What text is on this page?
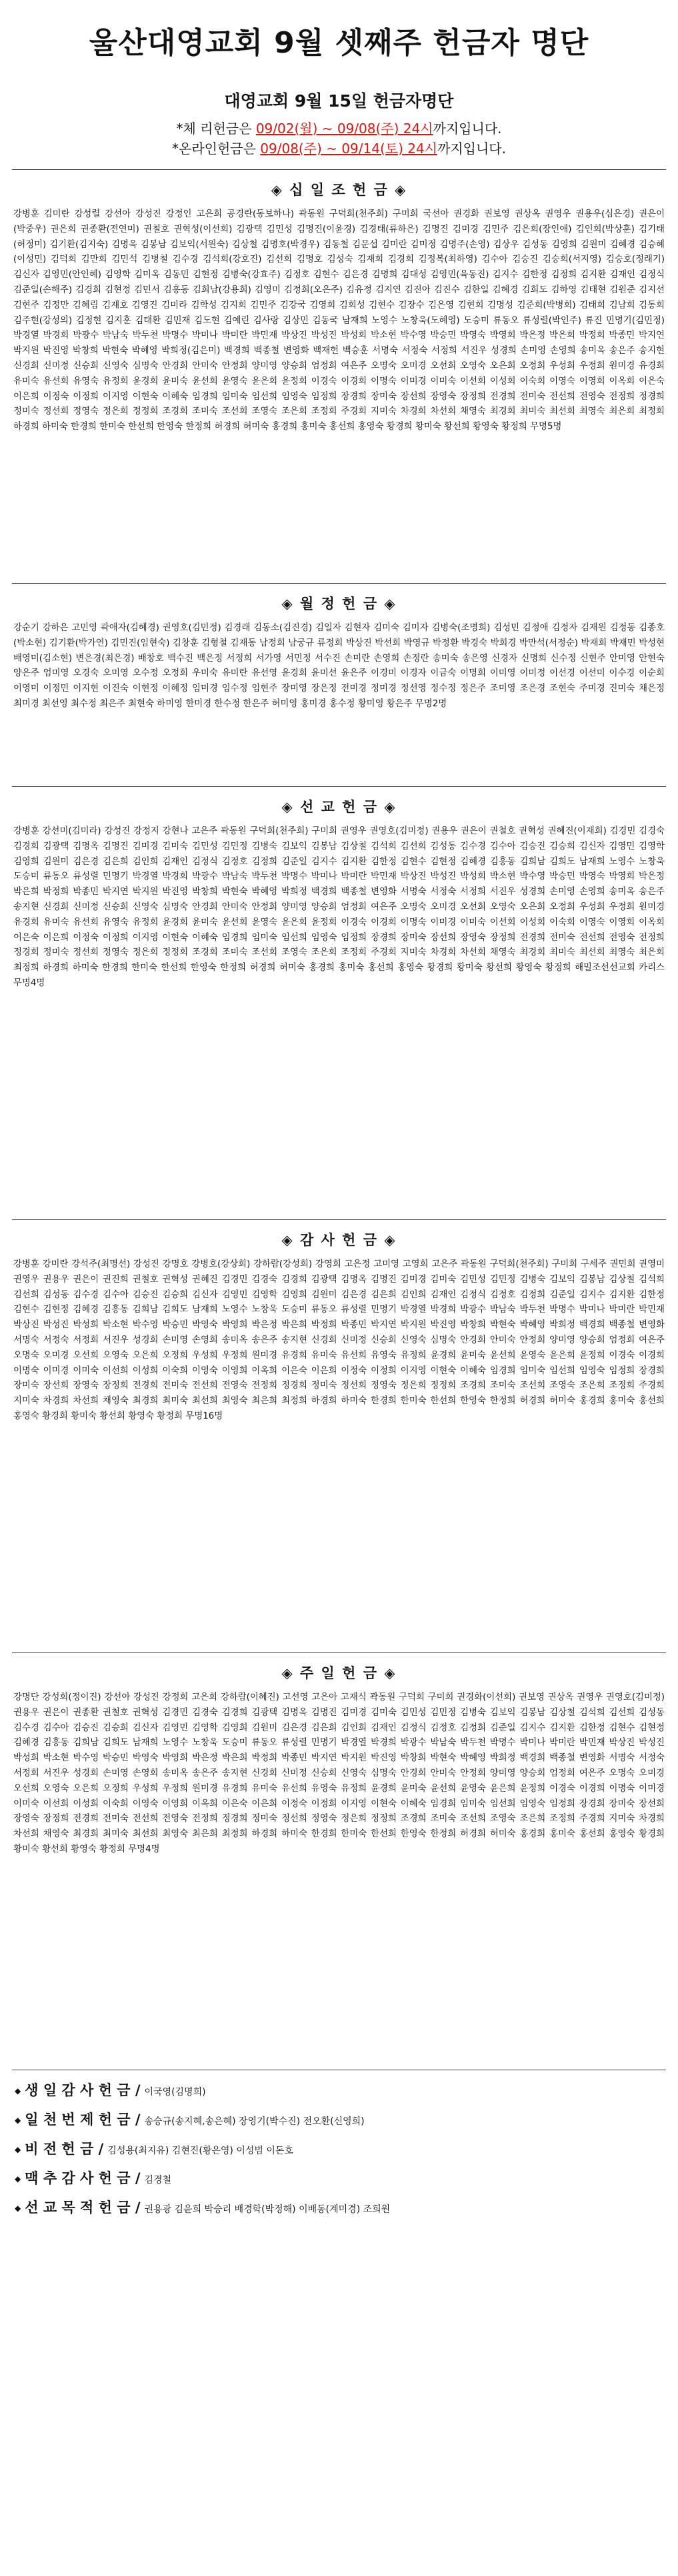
울산대영교회 9월 셋째주 헌금자 명단
대영교회 9월 15일 헌금자명단
*체 리헌금은 09/02(월) ~ 09/08(주) 24시까지입니다.
*온라인헌금은 09/08(주) ~ 09/14(토) 24시까지입니다.
◈ 십 일 조 헌 금 ◈
강병훈 김미란 강성렬 강선아 강성진 강정인 고은희 공경란(동보하나) 곽동원 구덕희(천주희) 구미희 국선아 권경화 권보영 권상옥 권영우 권용우(심은경) 권은이(박중우) 권은희 권종환(전연미) 권철호 권혁성(이선희) 김광택 김민성 김명진(이윤경) 김경태(류하은) 김명진 김미경 김민주 김은희(장인애) 김인희(박상훈) 김기태(허정미) 김기환(김지숙) 김명옥 김봉남 김보익(서원숙) 김상철 김명호(박경우) 김동철 김문섭 김미란 김미정 김명주(손영) 김상우 김성동 김영희 김원미 김혜경 김승혜(이성민) 김덕희 김만희 김민석 김병철 김수경 김석희(강호진) 김선희 김명호 김성숙 김재희 김경희 김정복(최하영) 김수아 김승진 김승희(서지영) 김승호(정래기) 김신자 김영민(안인혜) 김영학 김미옥 김동민 김현정 김병숙(강효주) 김정호 김현수 김은경 김명희 김대성 김영민(육동진) 김지수 김한정 김정희 김지환 김재인 김정식 김준일(손해주) 김경희 김현정 김민서 김흥동 김희남(강용희) 김영미 김정희(오은주) 김유정 김지연 김진아 김진수 김한일 김혜경 김희도 김하영 김태현 김원준 김지선 김현주 김정만 김혜림 김재호 김영진 김미라 김학성 김지희 김민주 김강국 김영희 김희성 김현수 김장수 김은영 김현희 김명성 김준희(박병희) 김태희 김남희 김동희 김주현(강성의) 김정현 김지훈 김태환 김민재 김도현 김예린 김사랑 김상민 김동국 남재희 노영수 노창욱(도혜영) 도승미 류동오 류성렬(박인주) 류진 민명기(김민정) 박경열 박경희 박광수 박남숙 박두천 박명수 박미나 박미란 박민재 박상진 박성진 박성희 박소현 박수영 박승민 박영숙 박영희 박은정 박은희 박정희 박종민 박지연 박지원 박진영 박창희 박현숙 박혜영 박희정(김은미) 백경희 백종철 변영화 백재헌 백승훈 서명숙 서정숙 서정희 서진우 성경희 손미영 손영희 송미옥 송은주 송지현 신경희 신미정 신승희 신영숙 심명숙 안경희 안미숙 안정희 양미영 양승희 엄정희 여은주 오명숙 오미경 오선희 오영숙 오은희 오정희 우성희 우정희 원미경 유경희 유미숙 유선희 유영숙 유정희 윤경희 윤미숙 윤선희 윤영숙 윤은희 윤정희 이경숙 이경희 이명숙 이미경 이미숙 이선희 이성희 이숙희 이영숙 이영희 이옥희 이은숙 이은희 이정숙 이정희 이지영 이현숙 이혜숙 임경희 임미숙 임선희 임영숙 임정희 장경희 장미숙 장선희 장영숙 장정희 전경희 전미숙 전선희 전영숙 전정희 정경희 정미숙 정선희 정영숙 정은희 정정희 조경희 조미숙 조선희 조영숙 조은희 조정희 주경희 지미숙 차경희 차선희 채영숙 최경희 최미숙 최선희 최영숙 최은희 최정희 하경희 하미숙 한경희 한미숙 한선희 한영숙 한정희 허경희 허미숙 홍경희 홍미숙 홍선희 홍영숙 황경희 황미숙 황선희 황영숙 황정희 무명5명
◈ 월 정 헌 금 ◈
강순기 강하은 고민영 곽애자(김혜경) 권영호(김민정) 김경래 김동소(김진경) 김일자 김현자 김미숙 김미자 김병숙(조명희) 김성민 김정애 김정자 김재원 김정동 김종호(박소현) 김기환(박가연) 김민진(임현숙) 김창훈 김형철 김재동 남정희 남궁규 류정희 박상진 박선희 박영규 박정환 박경숙 박희경 박만석(서정순) 박재희 박재민 박성현 배영미(김소현) 변은경(최은경) 배창호 백수진 백은정 서정희 서가영 서민정 서수진 손미란 손영희 손정란 송미숙 송은영 신경자 신명희 신수정 신현주 안미영 안현숙 양은주 엄미영 오경숙 오미영 오수정 오정희 우미숙 유미란 유선영 윤경희 윤미선 윤은주 이경미 이경자 이금숙 이명희 이미영 이미정 이선경 이선미 이수경 이순희 이영미 이정민 이지현 이진숙 이현정 이혜정 임미경 임수정 임현주 장미영 장은정 전미경 정미경 정선영 정수정 정은주 조미영 조은경 조현숙 주미경 진미숙 채은정 최미경 최선영 최수정 최은주 최현숙 하미영 한미경 한수정 한은주 허미영 홍미경 홍수정 황미영 황은주 무명2명
◈ 선 교 헌 금 ◈
강병훈 강선미(김미라) 강성진 강정지 강현나 고은주 곽동원 구덕희(천주희) 구미희 권영우 권영호(김미정) 권용우 권은이 권철호 권혁성 권혜진(이재희) 김경민 김경숙 김경희 김광택 김명옥 김명진 김미경 김미숙 김민성 김민정 김병숙 김보익 김봉남 김상철 김석희 김선희 김성동 김수경 김수아 김승진 김승희 김신자 김영민 김영학 김영희 김원미 김은경 김은희 김인희 김재인 김정식 김정호 김정희 김준일 김지수 김지환 김한정 김현수 김현정 김혜경 김흥동 김희남 김희도 남재희 노영수 노창욱 도승미 류동오 류성렬 민명기 박경열 박경희 박광수 박남숙 박두천 박명수 박미나 박미란 박민재 박상진 박성진 박성희 박소현 박수영 박승민 박영숙 박영희 박은정 박은희 박정희 박종민 박지연 박지원 박진영 박창희 박현숙 박혜영 박희정 백경희 백종철 변영화 서명숙 서정숙 서정희 서진우 성경희 손미영 손영희 송미옥 송은주 송지현 신경희 신미정 신승희 신영숙 심명숙 안경희 안미숙 안정희 양미영 양승희 엄정희 여은주 오명숙 오미경 오선희 오영숙 오은희 오정희 우성희 우정희 원미경 유경희 유미숙 유선희 유영숙 유정희 윤경희 윤미숙 윤선희 윤영숙 윤은희 윤정희 이경숙 이경희 이명숙 이미경 이미숙 이선희 이성희 이숙희 이영숙 이영희 이옥희 이은숙 이은희 이정숙 이정희 이지영 이현숙 이혜숙 임경희 임미숙 임선희 임영숙 임정희 장경희 장미숙 장선희 장영숙 장정희 전경희 전미숙 전선희 전영숙 전정희 정경희 정미숙 정선희 정영숙 정은희 정정희 조경희 조미숙 조선희 조영숙 조은희 조정희 주경희 지미숙 차경희 차선희 채영숙 최경희 최미숙 최선희 최영숙 최은희 최정희 하경희 하미숙 한경희 한미숙 한선희 한영숙 한정희 허경희 허미숙 홍경희 홍미숙 홍선희 홍영숙 황경희 황미숙 황선희 황영숙 황정희 해밀조선선교회 카리스 무명4명
◈ 감 사 헌 금 ◈
강병훈 강미란 강석주(최명선) 강성진 강명호 강병호(강상희) 강하람(강성희) 강영희 고은정 고미영 고영희 고은주 곽동원 구덕희(천주희) 구미희 구세주 권민희 권영미 권영우 권용우 권은이 권진희 권철호 권혁성 권혜진 김경민 김경숙 김경희 김광택 김명옥 김명진 김미경 김미숙 김민성 김민정 김병숙 김보익 김봉남 김상철 김석희 김선희 김성동 김수경 김수아 김승진 김승희 김신자 김영민 김영학 김영희 김원미 김은경 김은희 김인희 김재인 김정식 김정호 김정희 김준일 김지수 김지환 김한정 김현수 김현정 김혜경 김흥동 김희남 김희도 남재희 노영수 노창욱 도승미 류동오 류성렬 민명기 박경열 박경희 박광수 박남숙 박두천 박명수 박미나 박미란 박민재 박상진 박성진 박성희 박소현 박수영 박승민 박영숙 박영희 박은정 박은희 박정희 박종민 박지연 박지원 박진영 박창희 박현숙 박혜영 박희정 백경희 백종철 변영화 서명숙 서정숙 서정희 서진우 성경희 손미영 손영희 송미옥 송은주 송지현 신경희 신미정 신승희 신영숙 심명숙 안경희 안미숙 안정희 양미영 양승희 엄정희 여은주 오명숙 오미경 오선희 오영숙 오은희 오정희 우성희 우정희 원미경 유경희 유미숙 유선희 유영숙 유정희 윤경희 윤미숙 윤선희 윤영숙 윤은희 윤정희 이경숙 이경희 이명숙 이미경 이미숙 이선희 이성희 이숙희 이영숙 이영희 이옥희 이은숙 이은희 이정숙 이정희 이지영 이현숙 이혜숙 임경희 임미숙 임선희 임영숙 임정희 장경희 장미숙 장선희 장영숙 장정희 전경희 전미숙 전선희 전영숙 전정희 정경희 정미숙 정선희 정영숙 정은희 정정희 조경희 조미숙 조선희 조영숙 조은희 조정희 주경희 지미숙 차경희 차선희 채영숙 최경희 최미숙 최선희 최영숙 최은희 최정희 하경희 하미숙 한경희 한미숙 한선희 한영숙 한정희 허경희 허미숙 홍경희 홍미숙 홍선희 홍영숙 황경희 황미숙 황선희 황영숙 황정희 무명16명
◈ 주 일 헌 금 ◈
강명단 강성희(정이진) 강선아 강성진 강정희 고은희 강하람(이혜진) 고선영 고은아 고재식 곽동원 구덕희 구미희 권경화(이선희) 권보영 권상옥 권영우 권영호(김미정) 권용우 권은이 권종환 권철호 권혁성 김경민 김경숙 김경희 김광택 김명옥 김명진 김미경 김미숙 김민성 김민정 김병숙 김보익 김봉남 김상철 김석희 김선희 김성동 김수경 김수아 김승진 김승희 김신자 김영민 김영학 김영희 김원미 김은경 김은희 김인희 김재인 김정식 김정호 김정희 김준일 김지수 김지환 김한정 김현수 김현정 김혜경 김흥동 김희남 김희도 남재희 노영수 노창욱 도승미 류동오 류성렬 민명기 박경열 박경희 박광수 박남숙 박두천 박명수 박미나 박미란 박민재 박상진 박성진 박성희 박소현 박수영 박승민 박영숙 박영희 박은정 박은희 박정희 박종민 박지연 박지원 박진영 박창희 박현숙 박혜영 박희정 백경희 백종철 변영화 서명숙 서정숙 서정희 서진우 성경희 손미영 손영희 송미옥 송은주 송지현 신경희 신미정 신승희 신영숙 심명숙 안경희 안미숙 안정희 양미영 양승희 엄정희 여은주 오명숙 오미경 오선희 오영숙 오은희 오정희 우성희 우정희 원미경 유경희 유미숙 유선희 유영숙 유정희 윤경희 윤미숙 윤선희 윤영숙 윤은희 윤정희 이경숙 이경희 이명숙 이미경 이미숙 이선희 이성희 이숙희 이영숙 이영희 이옥희 이은숙 이은희 이정숙 이정희 이지영 이현숙 이혜숙 임경희 임미숙 임선희 임영숙 임정희 장경희 장미숙 장선희 장영숙 장정희 전경희 전미숙 전선희 전영숙 전정희 정경희 정미숙 정선희 정영숙 정은희 정정희 조경희 조미숙 조선희 조영숙 조은희 조정희 주경희 지미숙 차경희 차선희 채영숙 최경희 최미숙 최선희 최영숙 최은희 최정희 하경희 하미숙 한경희 한미숙 한선희 한영숙 한정희 허경희 허미숙 홍경희 홍미숙 홍선희 홍영숙 황경희 황미숙 황선희 황영숙 황정희 무명4명
◆ 생 일 감 사 헌 금 / 이국영(김명희)
◆ 일 천 번 제 헌 금 / 송승규(송지혜,송은혜) 장영기(박수진) 전오환(신영희)
◆ 비 전 헌 금 / 김성용(최지유) 김현진(황은영) 이성범 이돈호
◆ 맥 추 감 사 헌 금 / 김경철
◆ 선 교 목 적 헌 금 / 권용광 김윤희 박승리 배경학(박정해) 이배동(계미경) 조희원
